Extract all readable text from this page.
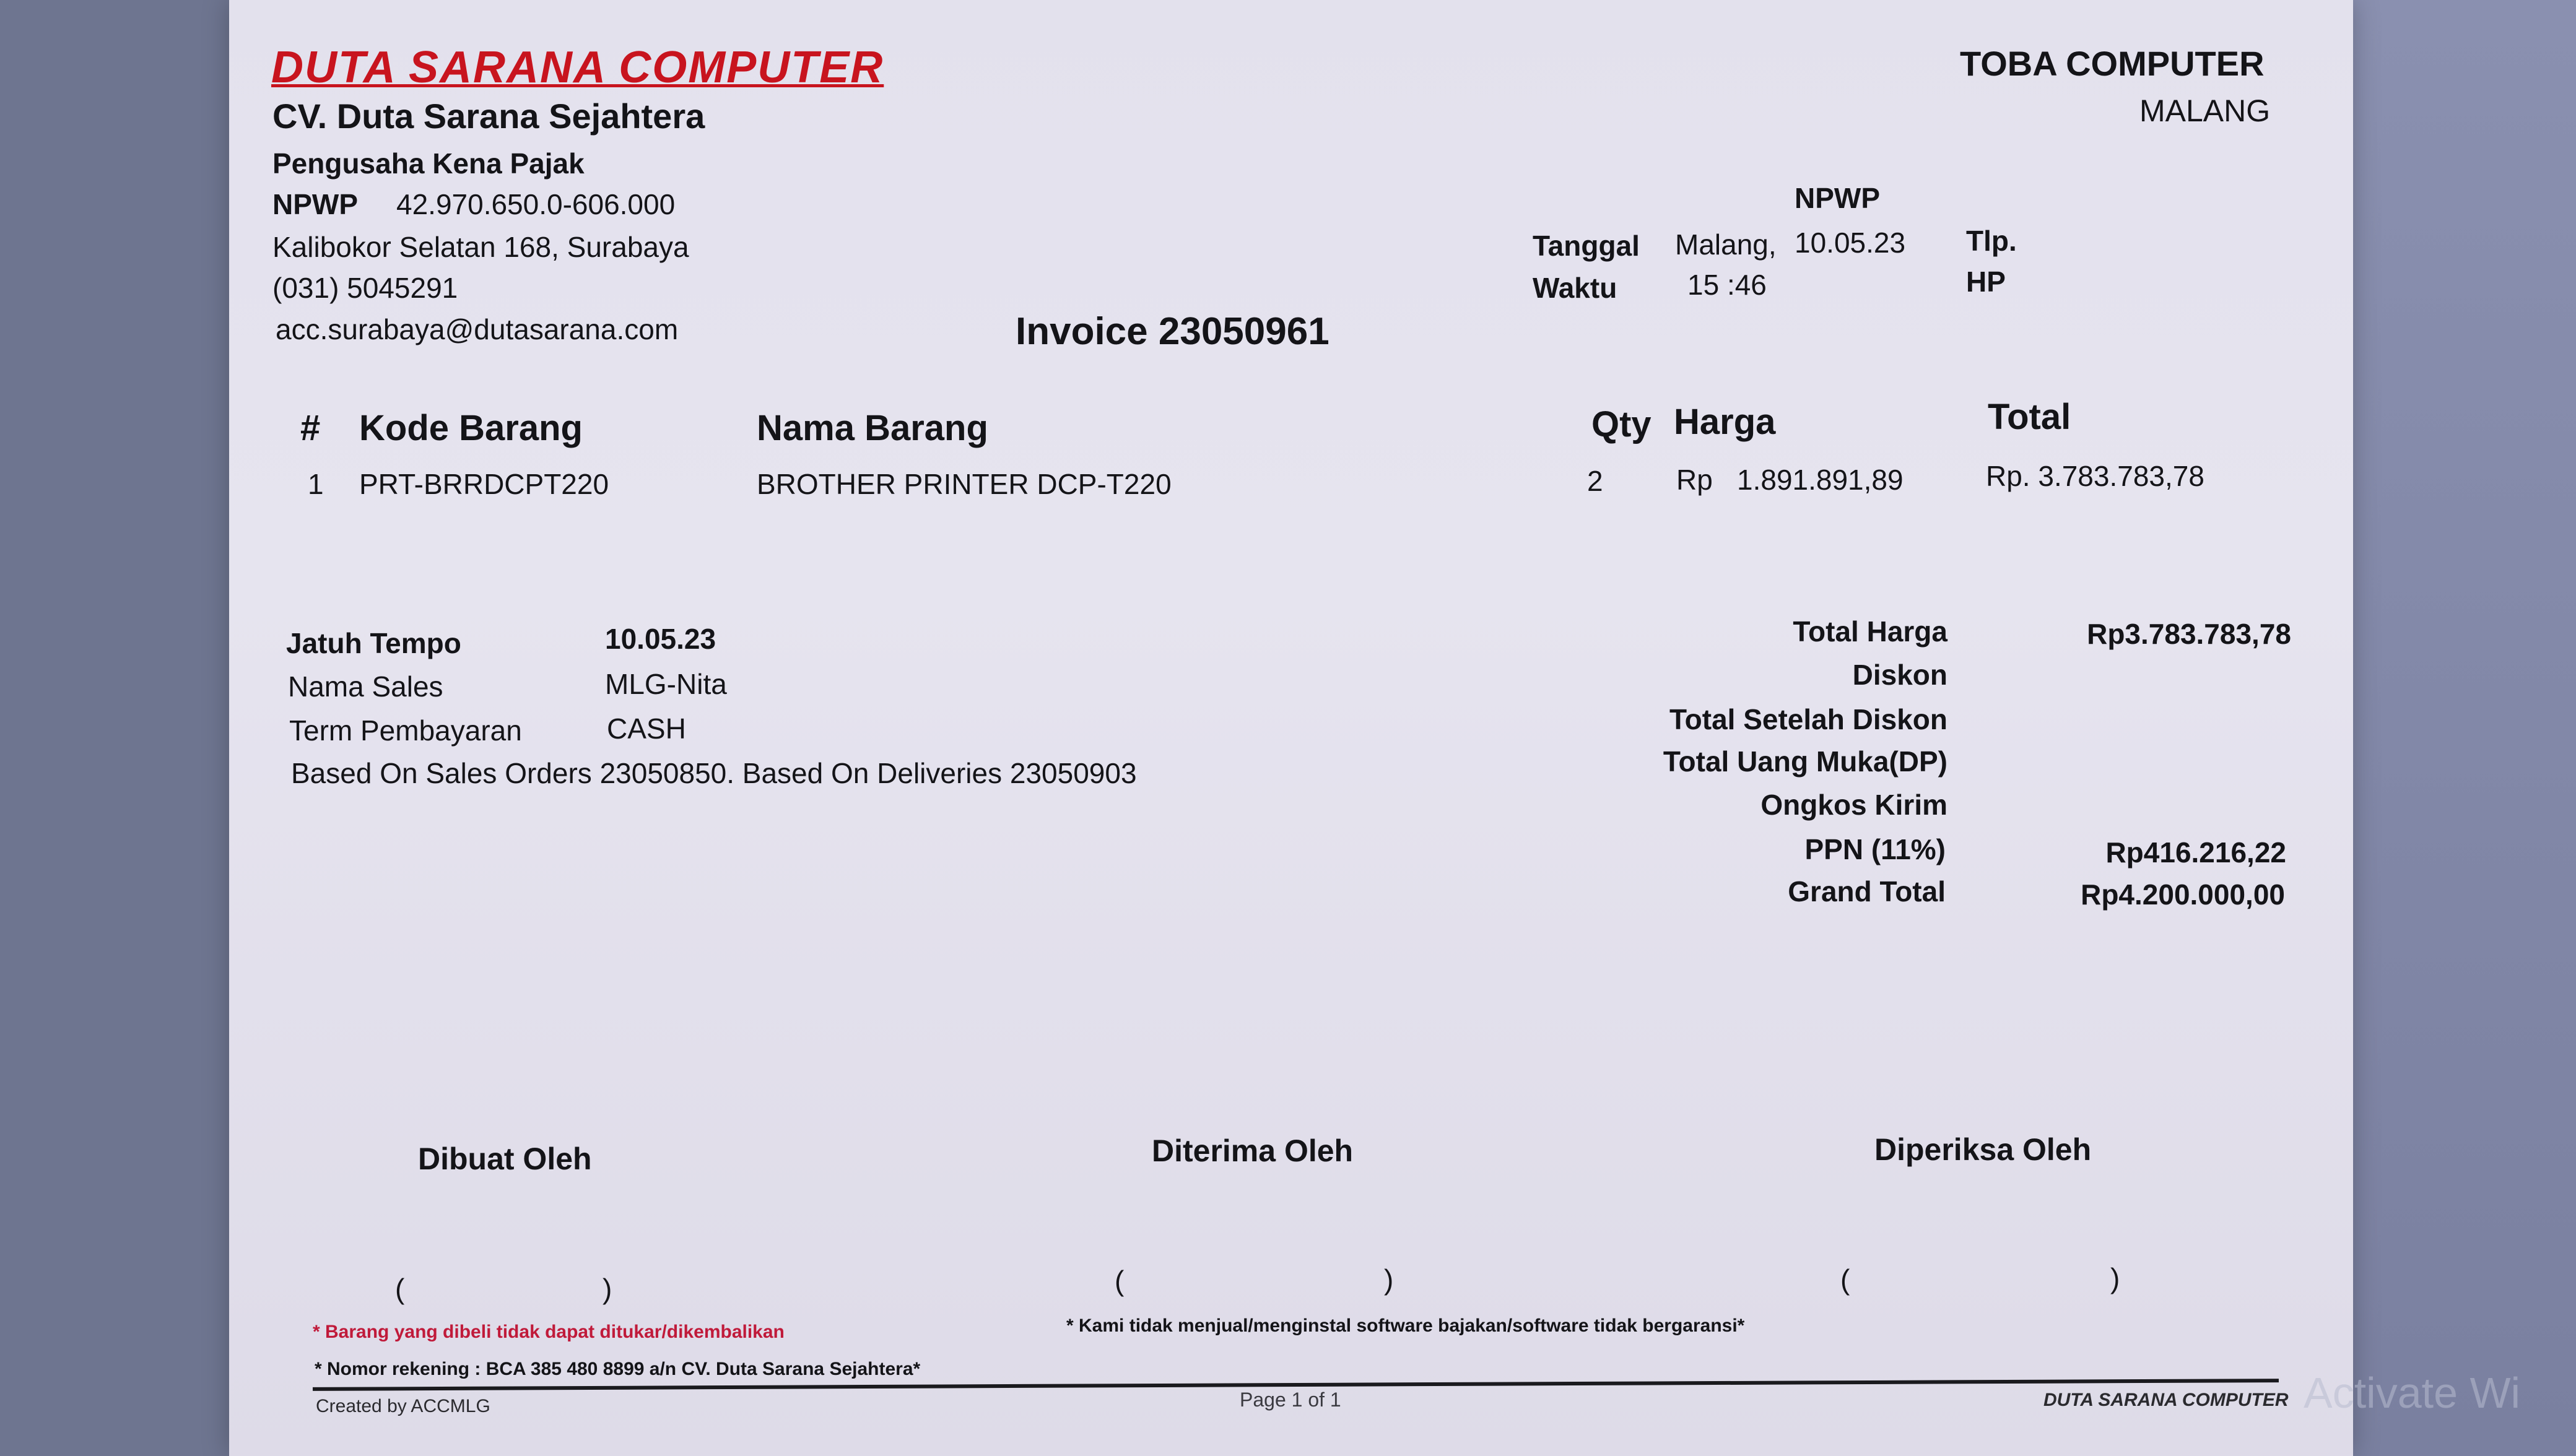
DUTA SARANA COMPUTER
CV. Duta Sarana Sejahtera
Pengusaha Kena Pajak
NPWP 42.970.650.0-606.000
Kalibokor Selatan 168, Surabaya
(031) 5045291
acc.surabaya@dutasarana.com
TOBA COMPUTER
MALANG
NPWP
Tanggal Malang, 10.05.23 Tlp.
Waktu 15 :46	HP
Invoice 23050961
# Kode Barang	Nama Barang	Qty Harga	Total
1 PRT-BRRDCPT220	BROTHER PRINTER DCP-T220	2	Rp 1.891.891,89	Rp. 3.783.783,78
Jatuh Tempo	10.05.23
Nama Sales	MLG-Nita
Term Pembayaran	CASH
Based On Sales Orders 23050850. Based On Deliveries 23050903
Total Harga	Rp3.783.783,78
Diskon
Total Setelah Diskon
Total Uang Muka(DP)
Ongkos Kirim
PPN (11%)	Rp416.216,22
Grand Total	Rp4.200.000,00
Dibuat Oleh	Diterima Oleh	Diperiksa Oleh
(	)	(	)	(	)
* Barang yang dibeli tidak dapat ditukar/dikembalikan	* Kami tidak menjual/menginstal software bajakan/software tidak bergaransi*
* Nomor rekening : BCA 385 480 8899 a/n CV. Duta Sarana Sejahtera*
Created by ACCMLG	Page 1 of 1	DUTA SARANA COMPUTER Activate Wi
